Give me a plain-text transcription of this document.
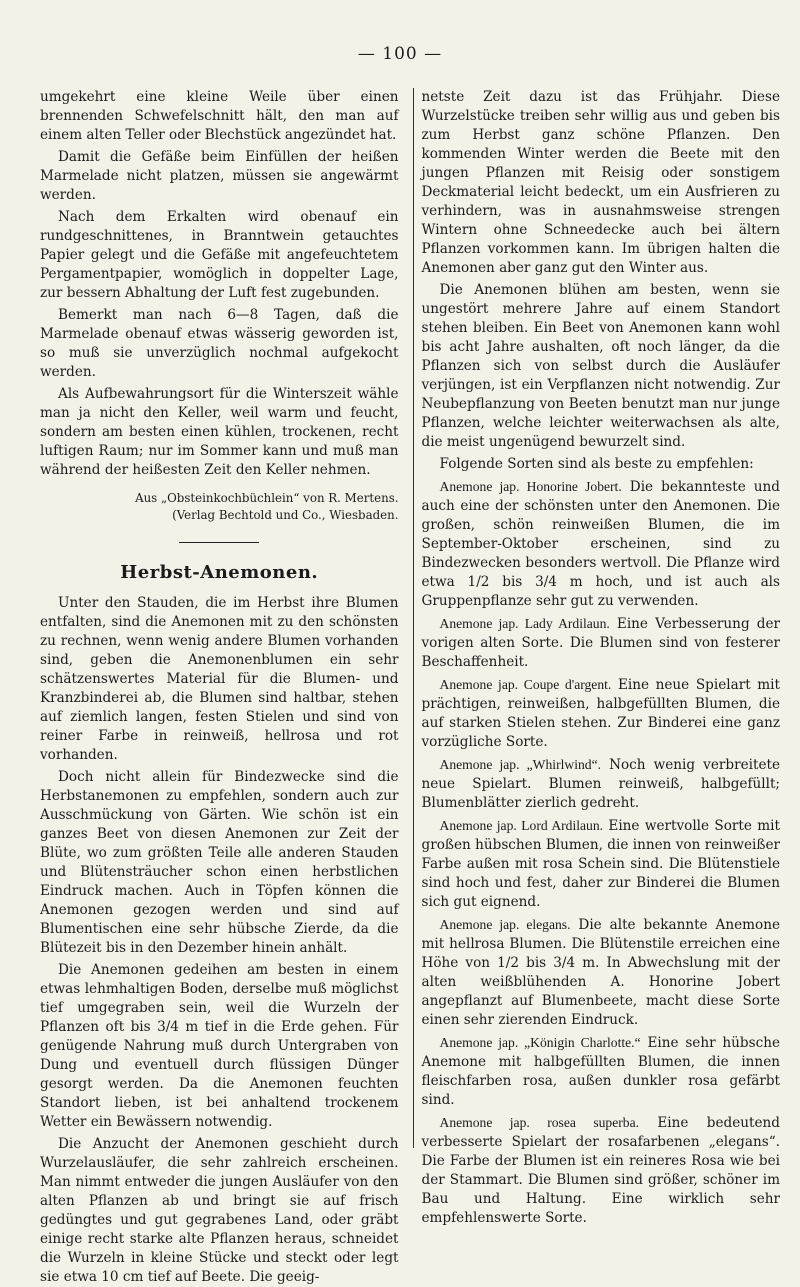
— 100 —

umgekehrt eine kleine Weile über einen brennenden Schwefelschnitt hält, den man auf einem alten Teller oder Blechstück angezündet hat.

Damit die Gefäße beim Einfüllen der heißen Marmelade nicht platzen, müssen sie angewärmt werden.

Nach dem Erkalten wird obenauf ein rundgeschnittenes, in Branntwein getauchtes Papier gelegt und die Gefäße mit angefeuchtetem Pergamentpapier, womöglich in doppelter Lage, zur bessern Abhaltung der Luft fest zugebunden.

Bemerkt man nach 6—8 Tagen, daß die Marmelade obenauf etwas wässerig geworden ist, so muß sie unverzüglich nochmal aufgekocht werden.

Als Aufbewahrungsort für die Winterszeit wähle man ja nicht den Keller, weil warm und feucht, sondern am besten einen kühlen, trockenen, recht luftigen Raum; nur im Sommer kann und muß man während der heißesten Zeit den Keller nehmen.

Aus „Obsteinkochbüchlein“ von R. Mertens.
(Verlag Bechtold und Co., Wiesbaden.
Herbst-Anemonen.

Unter den Stauden, die im Herbst ihre Blumen entfalten, sind die Anemonen mit zu den schönsten zu rechnen, wenn wenig andere Blumen vorhanden sind, geben die Anemonenblumen ein sehr schätzenswertes Material für die Blumen- und Kranzbinderei ab, die Blumen sind haltbar, stehen auf ziemlich langen, festen Stielen und sind von reiner Farbe in reinweiß, hellrosa und rot vorhanden.

Doch nicht allein für Bindezwecke sind die Herbstanemonen zu empfehlen, sondern auch zur Ausschmückung von Gärten. Wie schön ist ein ganzes Beet von diesen Anemonen zur Zeit der Blüte, wo zum größten Teile alle anderen Stauden und Blütensträucher schon einen herbstlichen Eindruck machen. Auch in Töpfen können die Anemonen gezogen werden und sind auf Blumentischen eine sehr hübsche Zierde, da die Blütezeit bis in den Dezember hinein anhält.

Die Anemonen gedeihen am besten in einem etwas lehmhaltigen Boden, derselbe muß möglichst tief umgegraben sein, weil die Wurzeln der Pflanzen oft bis 3/4 m tief in die Erde gehen. Für genügende Nahrung muß durch Untergraben von Dung und eventuell durch flüssigen Dünger gesorgt werden. Da die Anemonen feuchten Standort lieben, ist bei anhaltend trockenem Wetter ein Bewässern notwendig.

Die Anzucht der Anemonen geschieht durch Wurzelausläufer, die sehr zahlreich erscheinen. Man nimmt entweder die jungen Ausläufer von den alten Pflanzen ab und bringt sie auf frisch gedüngtes und gut gegrabenes Land, oder gräbt einige recht starke alte Pflanzen heraus, schneidet die Wurzeln in kleine Stücke und steckt oder legt sie etwa 10 cm tief auf Beete. Die geeig-

netste Zeit dazu ist das Frühjahr. Diese Wurzelstücke treiben sehr willig aus und geben bis zum Herbst ganz schöne Pflanzen. Den kommenden Winter werden die Beete mit den jungen Pflanzen mit Reisig oder sonstigem Deckmaterial leicht bedeckt, um ein Ausfrieren zu verhindern, was in ausnahmsweise strengen Wintern ohne Schneedecke auch bei ältern Pflanzen vorkommen kann. Im übrigen halten die Anemonen aber ganz gut den Winter aus.

Die Anemonen blühen am besten, wenn sie ungestört mehrere Jahre auf einem Standort stehen bleiben. Ein Beet von Anemonen kann wohl bis acht Jahre aushalten, oft noch länger, da die Pflanzen sich von selbst durch die Ausläufer verjüngen, ist ein Verpflanzen nicht notwendig. Zur Neubepflanzung von Beeten benutzt man nur junge Pflanzen, welche leichter weiterwachsen als alte, die meist ungenügend bewurzelt sind.

Folgende Sorten sind als beste zu empfehlen:

Anemone jap. Honorine Jobert. Die bekannteste und auch eine der schönsten unter den Anemonen. Die großen, schön reinweißen Blumen, die im September-Oktober erscheinen, sind zu Bindezwecken besonders wertvoll. Die Pflanze wird etwa 1/2 bis 3/4 m hoch, und ist auch als Gruppenpflanze sehr gut zu verwenden.

Anemone jap. Lady Ardilaun. Eine Verbesserung der vorigen alten Sorte. Die Blumen sind von festerer Beschaffenheit.

Anemone jap. Coupe d'argent. Eine neue Spielart mit prächtigen, reinweißen, halbgefüllten Blumen, die auf starken Stielen stehen. Zur Binderei eine ganz vorzügliche Sorte.

Anemone jap. „Whirlwind“. Noch wenig verbreitete neue Spielart. Blumen reinweiß, halbgefüllt; Blumenblätter zierlich gedreht.

Anemone jap. Lord Ardilaun. Eine wertvolle Sorte mit großen hübschen Blumen, die innen von reinweißer Farbe außen mit rosa Schein sind. Die Blütenstiele sind hoch und fest, daher zur Binderei die Blumen sich gut eignend.

Anemone jap. elegans. Die alte bekannte Anemone mit hellrosa Blumen. Die Blütenstile erreichen eine Höhe von 1/2 bis 3/4 m. In Abwechslung mit der alten weißblühenden A. Honorine Jobert angepflanzt auf Blumenbeete, macht diese Sorte einen sehr zierenden Eindruck.

Anemone jap. „Königin Charlotte.“ Eine sehr hübsche Anemone mit halbgefüllten Blumen, die innen fleischfarben rosa, außen dunkler rosa gefärbt sind.

Anemone jap. rosea superba. Eine bedeutend verbesserte Spielart der rosafarbenen „elegans“. Die Farbe der Blumen ist ein reineres Rosa wie bei der Stammart. Die Blumen sind größer, schöner im Bau und Haltung. Eine wirklich sehr empfehlenswerte Sorte.
